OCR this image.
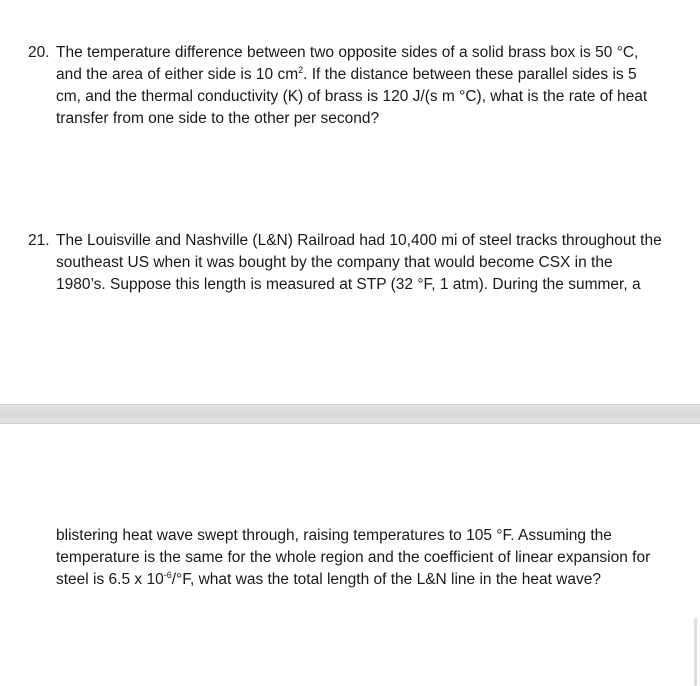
20. The temperature difference between two opposite sides of a solid brass box is 50 °C,
and the area of either side is 10 $cm^2$. If the distance between these parallel sides is 5
cm, and the thermal conductivity (K) of brass is 120 J/(s m °C), what is the rate of heat
transfer from one side to the other per second?
21. The Louisville and Nashville (L&N) Railroad had 10,400 mi of steel tracks throughout the
southeast US when it was bought by the company that would become CSX in the
1980’s. Suppose this length is measured at STP (32 °F, 1 atm). During the summer, a
blistering heat wave swept through, raising temperatures to 105 °F. Assuming the
temperature is the same for the whole region and the coefficient of linear expansion for
steel is 6.5 x $10^{-6}/^\circ F$, what was the total length of the L&N line in the heat wave?
